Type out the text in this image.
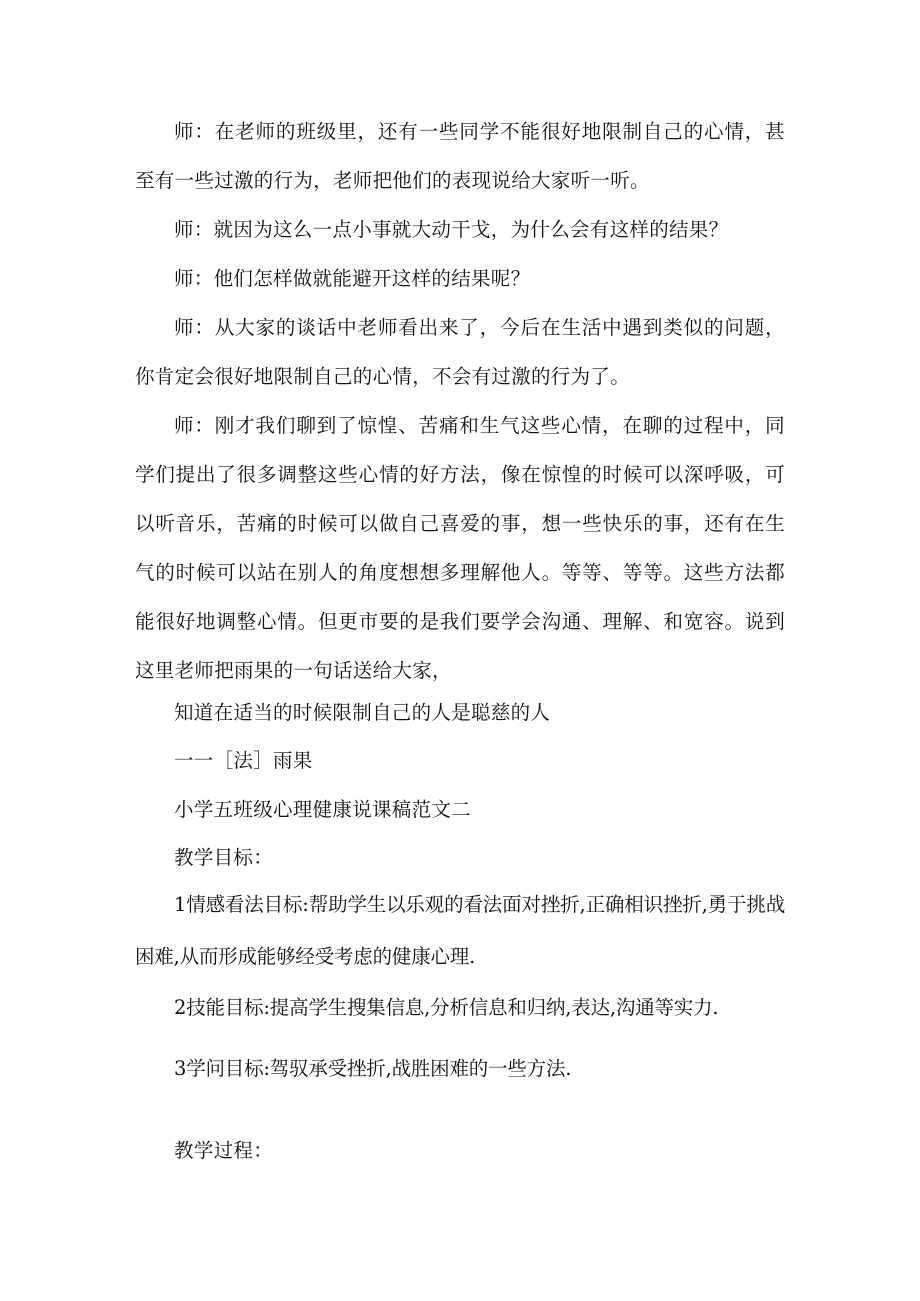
师：在老师的班级里，还有一些同学不能很好地限制自己的心情，甚至有一些过激的行为，老师把他们的表现说给大家听一听。

师：就因为这么一点小事就大动干戈，为什么会有这样的结果？

师：他们怎样做就能避开这样的结果呢？

师：从大家的谈话中老师看出来了，今后在生活中遇到类似的问题，你肯定会很好地限制自己的心情，不会有过激的行为了。

师：刚才我们聊到了惊惶、苦痛和生气这些心情，在聊的过程中，同学们提出了很多调整这些心情的好方法，像在惊惶的时候可以深呼吸，可以听音乐，苦痛的时候可以做自己喜爱的事，想一些快乐的事，还有在生气的时候可以站在别人的角度想想多理解他人。等等、等等。这些方法都能很好地调整心情。但更市要的是我们要学会沟通、理解、和宽容。说到这里老师把雨果的一句话送给大家，

知道在适当的时候限制自己的人是聪慈的人

一一［法］雨果

小学五班级心理健康说课稿范文二

教学目标：

1情感看法目标:帮助学生以乐观的看法面对挫折,正确相识挫折,勇于挑战困难,从而形成能够经受考虑的健康心理.

2技能目标:提高学生搜集信息,分析信息和归纳,表达,沟通等实力.

3学问目标:驾驭承受挫折,战胜困难的一些方法.

教学过程：
